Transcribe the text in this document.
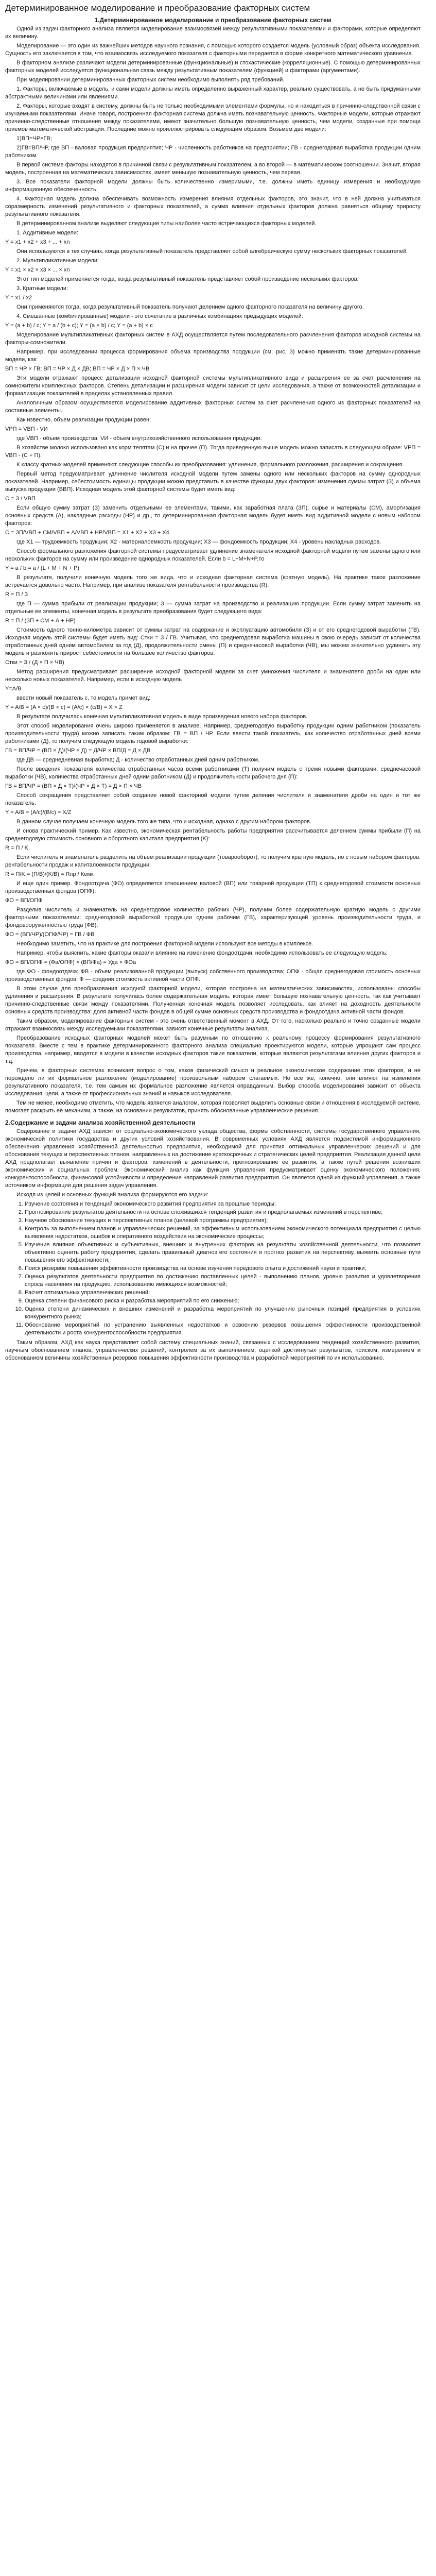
Детерминированное моделирование и преобразование факторных систем
1.Детерминированное моделирование и преобразование факторных систем

Одной из задач факторного анализа является моделирование взаимосвязей между результативными показателями и факторами, которые определяют их величину.

Моделирование — это один из важнейших методов научного познания, с помощью которого создается модель (условный образ) объекта исследования. Сущность его заключается в том, что взаимосвязь исследуемого показателя с факторными передается в форме конкретного математического уравнения.

В факторном анализе различают модели детерминированные (функциональные) и стохастические (корреляционные). С помощью детерминированных факторных моделей исследуется функциональная связь между результативным показателем (функцией) и факторами (аргументами).

При моделировании детерминированных факторных систем необходимо выполнять ряд требований.

1. Факторы, включаемые в модель, и сами модели должны иметь определенно выраженный характер, реально существовать, а не быть придуманными абстрактными величинами или явлениями.

2. Факторы, которые входят в систему, должны быть не только необходимыми элементами формулы, но и находиться в причинно-следственной связи с изучаемыми показателями. Иначе говоря, построенная факторная система должна иметь познавательную ценность. Факторные модели, которые отражают причинно-следственные отношения между показателями, имеют значительно большую познавательную ценность, чем модели, созданные при помощи приемов математической абстракции. Последние можно проиллюстрировать следующим образом. Возьмем две модели:

1)ВП=ЧР×ГВ;

2)ГВ=ВП/ЧР, где ВП - валовая продукция предприятия; ЧР - численность работников на предприятии; ГВ - среднегодовая выработка продукции одним работником.

В первой системе факторы находятся в причинной связи с результативным показателем, а во второй — в математическом соотношении. Значит, вторая модель, построенная на математических зависимостях, имеет меньшую познавательную ценность, чем первая.

3. Все показатели факторной модели должны быть количественно измеримыми, т.е. должны иметь единицу измерения и необходимую информационную обеспеченность.

4. Факторная модель должна обеспечивать возможность измерения влияния отдельных факторов, это значит, что в ней должна учитываться соразмерность изменений результативного и факторных показателей, а сумма влияния отдельных факторов должна равняться общему приросту результативного показателя.

В детерминированном анализе выделяют следующие типы наиболее часто встречающихся факторных моделей.

1. Аддитивные модели:

Y = x1 + x2 + x3 + ... + xn

Они используются в тех случаях, когда результативный показатель представляет собой алгебраическую сумму нескольких факторных показателей.

2. Мультипликативные модели:

Y = x1 × x2 × x3 × ... × xn

Этот тип моделей применяется тогда, когда результативный показатель представляет собой произведение нескольких факторов.

3. Кратные модели:

Y = x1 / x2

Они применяются тогда, когда результативный показатель получают делением одного факторного показателя на величину другого.

4. Смешанные (комбинированные) модели - это сочетание в различных комбинациях предыдущих моделей:

Y = (a + b) / c; Y = a / (b + c); Y = (a × b) / c; Y = (a + b) × c

Моделирование мультипликативных факторных систем в АХД осуществляется путем последовательного расчленения факторов исходной системы на факторы-сомножители.

Например, при исследовании процесса формирования объема производства продукции (см. рис. 3) можно применять такие детерминированные модели, как:

ВП = ЧР × ГВ; ВП = ЧР × Д × ДВ; ВП = ЧР × Д × П × ЧВ

Эти модели отражают процесс детализации исходной факторной системы мультипликативного вида и расширения ее за счет расчленения на сомножители комплексных факторов. Степень детализации и расширения модели зависит от цели исследования, а также от возможностей детализации и формализации показателей в пределах установленных правил.

Аналогичным образом осуществляется моделирование аддитивных факторных систем за счет расчленения одного из факторных показателей на составные элементы.

Как известно, объем реализации продукции равен:

VРП = VВП - VИ

где VВП - объем производства; VИ - объем внутрихозяйственного использования продукции.

В хозяйстве молоко использовано как корм телятам (С) и на прочее (П). Тогда приведенную выше модель можно записать в следующем образе: VРП = VВП - (С + П).

К классу кратных моделей применяют следующие способы их преобразования: удлинения, формального разложения, расширения и сокращения.

Первый метод предусматривает удлинение числителя исходной модели путем замены одного или нескольких факторов на сумму однородных показателей. Например, себестоимость единицы продукции можно представить в качестве функции двух факторов: изменения суммы затрат (З) и объема выпуска продукции (ВВП). Исходная модель этой факторной системы будет иметь вид:

С = З / VВП

Если общую сумму затрат (З) заменить отдельными ее элементами, такими, как заработная плата (ЗП), сырье и материалы (СМ), амортизация основных средств (А), накладные расходы (HP) и др., то детерминированная факторная модель будет иметь вид аддитивной модели с новым набором факторов:

С = ЗП/VВП + СМ/VВП + А/VВП + НР/VВП = X1 + X2 + X3 + X4

где X1 — трудоемкость продукции; X2 - материалоемкость продукции; X3 — фондоемкость продукции; X4 - уровень накладных расходов.

Способ формального разложения факторной системы предусматривает удлинение знаменателя исходной факторной модели путем замены одного или нескольких факторов на сумму или произведение однородных показателей. Если b = L+M+N+P,то

Y = a / b = a / (L + M + N + P)

В результате, получили конечную модель того же вида, что и исходная факторная система (кратную модель). На практике такое разложение встречается довольно часто. Например, при анализе показателя рентабельности производства (R):

R = П / З

где П — сумма прибыли от реализации продукции; З — сумма затрат на производство и реализацию продукции. Если сумму затрат заменить на отдельные ее элементы, конечная модель в результате преобразования будет следующего вида:

R = П / (ЗП + СМ + А + НР)

Стоимость одного тонно-километра зависит от суммы затрат на содержание и эксплуатацию автомобиля (З) и от его среднегодовой выработки (ГВ). Исходная модель этой системы будет иметь вид: Стки = З / ГВ. Учитывая, что среднегодовая выработка машины в свою очередь зависит от количества отработанных дней одним автомобилем за год (Д), продолжительности смены (П) и среднечасовой выработки (ЧВ), мы можем значительно удлинить эту модель и разложить прирост себестоимости на большее количество факторов:

Стки = З / (Д × П × ЧВ)

Метод расширения предусматривает расширение исходной факторной модели за счет умножения числителя и знаменателя дроби на один или несколько новых показателей. Например, если в исходную модель

Y=A/B

ввести новый показатель с, то модель примет вид:

Y = A/B = (A × c)/(B × c) = (A/c) × (c/B) = X × Z

В результате получилась конечная мультипликативная модель в виде произведения нового набора факторов.

Этот способ моделирования очень широко применяется в анализе. Например, среднегодовую выработку продукции одним работником (показатель производительности труда) можно записать таким образом: ГВ = ВП / ЧР. Если ввести такой показатель, как количество отработанных дней всеми работниками (Д), то получим следующую модель годовой выработки:

ГВ = ВП/ЧР = (ВП × Д)/(ЧР × Д) = Д/ЧР × ВП/Д = Д × ДВ

где ДВ — среднедневная выработка; Д - количество отработанных дней одним работником.

После введения показателя количества отработанных часов всеми работниками (Т) получим модель с тремя новыми факторами: среднечасовой выработки (ЧВ), количества отработанных дней одним работником (Д) и продолжительности рабочего дня (П):

ГВ = ВП/ЧР = (ВП × Д × Т)/(ЧР × Д × Т) = Д × П × ЧВ

Способ сокращения представляет собой создание новой факторной модели путем деления числителя и знаменателя дроби на один и тот же показатель:

Y = A/B = (A/c)/(B/c) = X/Z

В данном случае получаем конечную модель того же типа, что и исходная, однако с другим набором факторов.

И снова практический пример. Как известно, экономическая рентабельность работы предприятия рассчитывается делением суммы прибыли (П) на среднегодовую стоимость основного и оборотного капитала предприятия (K):

R = П / K.

Если числитель и знаменатель разделить на объем реализации продукции (товарооборот), то получим кратную модель, но с новым набором факторов: рентабельности продаж и капиталоемкости продукции:

R = П/K = (П/В)/(K/В) = Rпр / Кемк

И еще один пример. Фондоотдача (ФО) определяется отношением валовой (ВП) или товарной продукции (ТП) к среднегодовой стоимости основных производственных фондов (ОПФ):

ФО = ВП/ОПФ

Разделив числитель и знаменатель на среднегодовое количество рабочих (ЧР), получим более содержательную кратную модель с другими факторными показателями: среднегодовой выработкой продукции одним рабочим (ГВ), характеризующей уровень производительности труда, и фондовооруженностью труда (ФВ):

ФО = (ВП/ЧР)/(ОПФ/ЧР) = ГВ / ФВ

Необходимо заметить, что на практике для построения факторной модели используют все методы в комплексе.

Например, чтобы выяснить, какие факторы оказали влияние на изменение фондоотдачи, необходимо использовать ее следующую модель:

ФО = ВП/ОПФ = (Фа/ОПФ) × (ВП/Фа) = Уда × ФОа

где ФО - фондоотдача; ФВ - объем реализованной продукции (выпуск) собственного производства; ОПФ - общая среднегодовая стоимость основных производственных фондов; Ф — средняя стоимость активной части ОПФ.

В этом случае для преобразования исходной факторной модели, которая построена на математических зависимостях, использованы способы удлинения и расширения. В результате получилась более содержательная модель, которая имеет большую познавательную ценность, так как учитывает причинно-следственные связи между показателями. Полученная конечная модель позволяет исследовать, как влияет на доходность деятельности основных средств производства: доля активной части фондов в общей сумме основных средств производства и фондоотдача активной части фондов.

Таким образом, моделирование факторных систем - это очень ответственный момент в АХД. От того, насколько реально и точно созданные модели отражают взаимосвязь между исследуемыми показателями, зависят конечные результаты анализа.

Преобразование исходных факторных моделей может быть разумным по отношению к реальному процессу формирования результативного показателя. Вместе с тем в практике детерминированного факторного анализа специально проектируются модели, которые упрощают сам процесс производства, например, вводятся в модели в качестве исходных факторов такие показатели, которые являются результатами влияния других факторов и т.д.

Причем, в факторных системах возникает вопрос о том, каков физический смысл и реальное экономическое содержание этих факторов, и не порождено ли их формальное разложение (моделирование) произвольным набором слагаемых. Но все же, конечно, они влияют на изменения результативного показателя, т.е. тем самым их формальное разложение является оправданным. Выбор способа моделирования зависит от объекта исследования, цели, а также от профессиональных знаний и навыков исследователя.

Тем не менее, необходимо отметить, что модель является аналогом, которая позволяет выделить основные связи и отношения в исследуемой системе, помогает раскрыть её механизм, а также, на основании результатов, принять обоснованные управленческие решения.

2.Содержание и задачи анализа хозяйственной деятельности

Содержание и задачи АХД зависят от социально-экономического уклада общества, формы собственности, системы государственного управления, экономической политики государства и других условий хозяйствования. В современных условиях АХД является подсистемой информационного обеспечения управления хозяйственной деятельностью предприятия, необходимой для принятия оптимальных управленческих решений и для обоснования текущих и перспективных планов, направленных на достижение краткосрочных и стратегических целей предприятия. Реализация данной цели АХД предполагает выявление причин и факторов, изменений в деятельности, прогнозирование ее развития, а также путей решения возникших экономических и социальных проблем. Экономический анализ как функция управления предусматривает оценку экономического положения, конкурентоспособности, финансовой устойчивости и определение направлений развития предприятия. Он является одной из функций управления, а также источником информации для решения задач управления.

Исходя из целей и основных функций анализа формируются его задачи:

1. Изучение состояния и тенденций экономического развития предприятия за прошлые периоды;
2. Прогнозирование результатов деятельности на основе сложившихся тенденций развития и предполагаемых изменений в перспективе;
3. Научное обоснование текущих и перспективных планов (целевой программы предприятия);
4. Контроль за выполнением планов и управленческих решений, за эффективным использованием экономического потенциала предприятия с целью выявления недостатков, ошибок и оперативного воздействия на экономические процессы;
5. Изучение влияния объективных и субъективных, внешних и внутренних факторов на результаты хозяйственной деятельности, что позволяет объективно оценить работу предприятия, сделать правильный диагноз его состояния и прогноз развития на перспективу, выявить основные пути повышения его эффективности;
6. Поиск резервов повышения эффективности производства на основе изучения передового опыта и достижений науки и практики;
7. Оценка результатов деятельности предприятия по достижению поставленных целей - выполнению планов, уровню развития и удовлетворения спроса населения на продукцию, использованию имеющихся возможностей;
8. Расчет оптимальных управленческих решений;
9. Оценка степени финансового риска и разработка мероприятий по его снижению;
10. Оценка степени динамических и внешних изменений и разработка мероприятий по улучшению рыночных позиций предприятия в условиях конкурентного рынка;
11. Обоснование мероприятий по устранению выявленных недостатков и освоению резервов повышения эффективности производственной деятельности и роста конкурентоспособности предприятия.

Таким образом, АХД как наука представляет собой систему специальных знаний, связанных с исследованием тенденций хозяйственного развития, научным обоснованием планов, управленческих решений, контролем за их выполнением, оценкой достигнутых результатов, поиском, измерением и обоснованием величины хозяйственных резервов повышения эффективности производства и разработкой мероприятий по их использованию.
